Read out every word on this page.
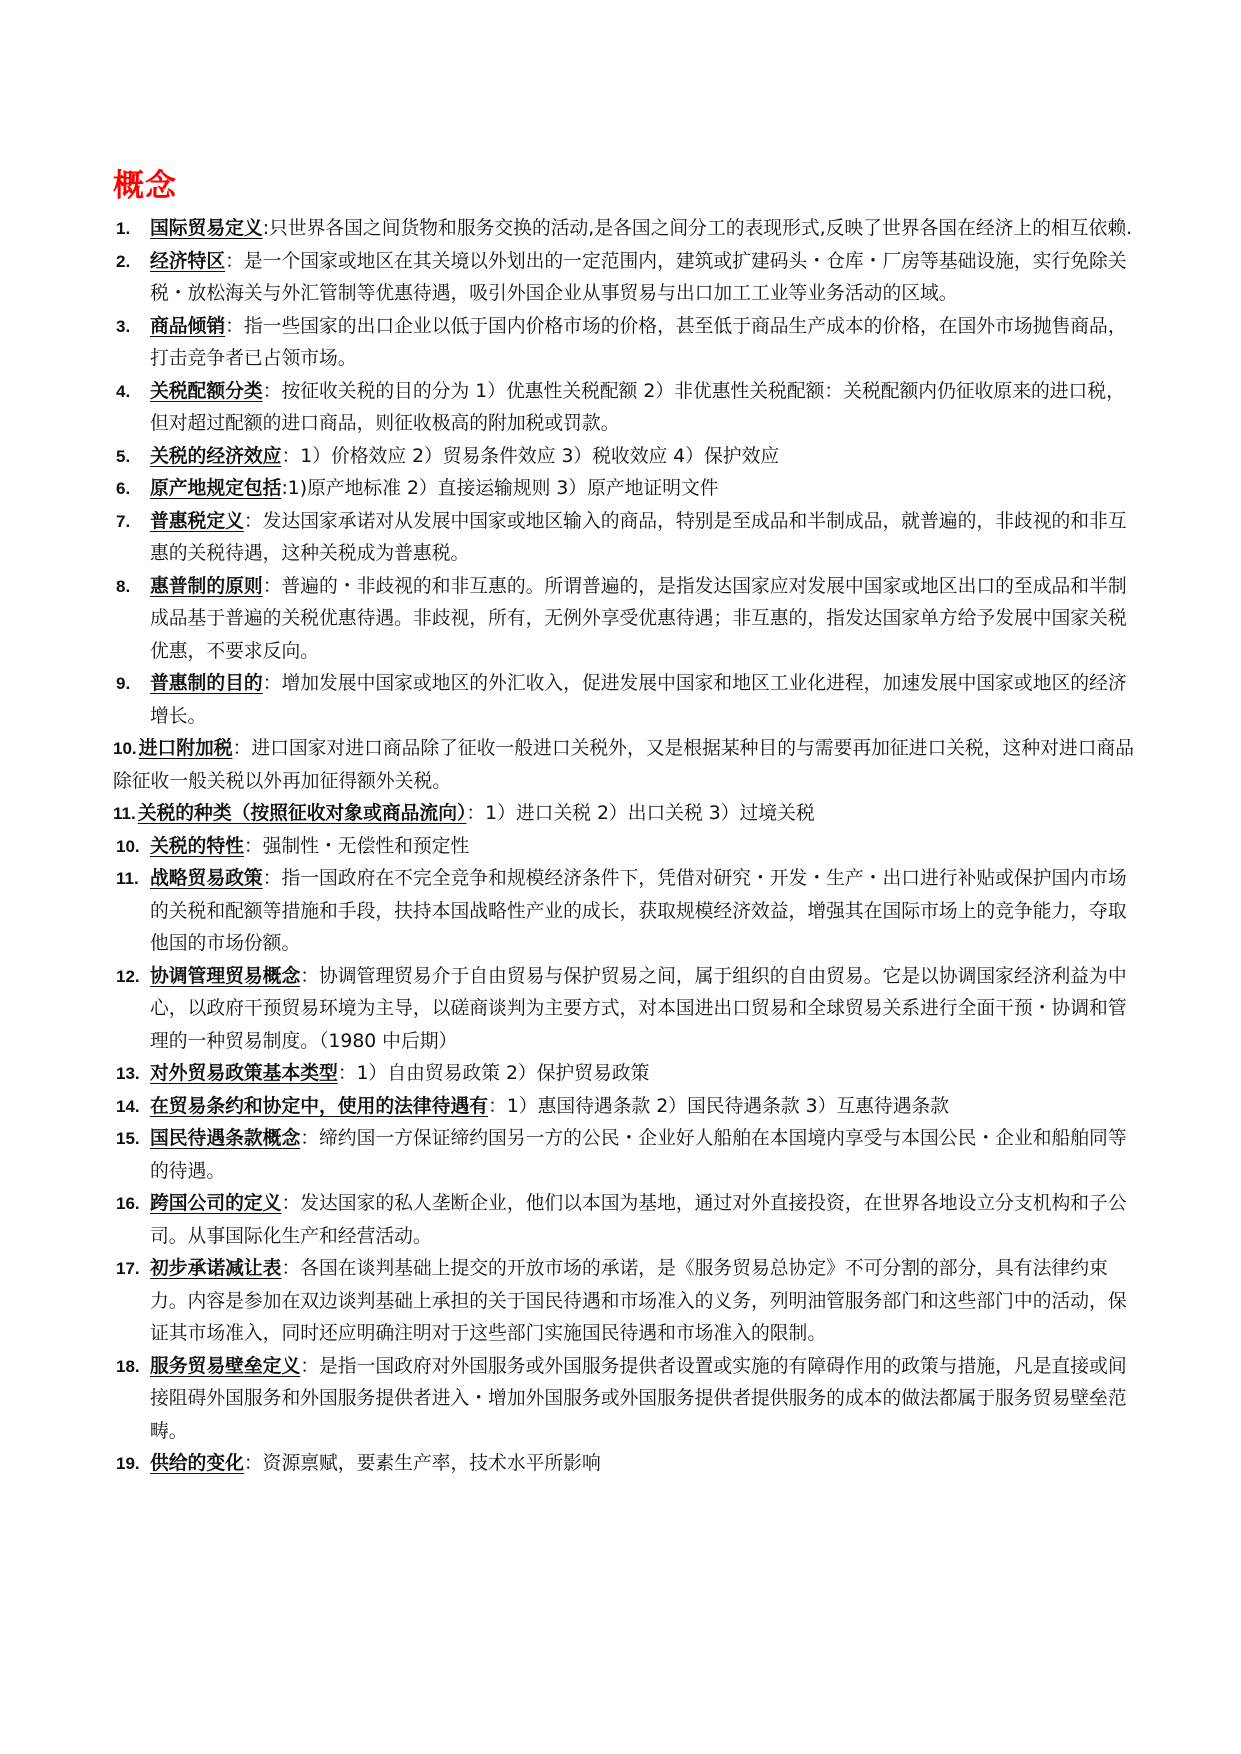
概念
1. 国际贸易定义:只世界各国之间货物和服务交换的活动,是各国之间分工的表现形式,反映了世界各国在经济上的相互依赖.
2. 经济特区：是一个国家或地区在其关境以外划出的一定范围内，建筑或扩建码头・仓库・厂房等基础设施，实行免除关税・放松海关与外汇管制等优惠待遇，吸引外国企业从事贸易与出口加工工业等业务活动的区域。
3. 商品倾销：指一些国家的出口企业以低于国内价格市场的价格，甚至低于商品生产成本的价格，在国外市场抛售商品，打击竞争者已占领市场。
4. 关税配额分类：按征收关税的目的分为 1）优惠性关税配额 2）非优惠性关税配额：关税配额内仍征收原来的进口税，但对超过配额的进口商品，则征收极高的附加税或罚款。
5. 关税的经济效应：1）价格效应 2）贸易条件效应 3）税收效应 4）保护效应
6. 原产地规定包括:1)原产地标准 2）直接运输规则 3）原产地证明文件
7. 普惠税定义：发达国家承诺对从发展中国家或地区输入的商品，特别是至成品和半制成品，就普遍的，非歧视的和非互惠的关税待遇，这种关税成为普惠税。
8. 惠普制的原则：普遍的・非歧视的和非互惠的。所谓普遍的，是指发达国家应对发展中国家或地区出口的至成品和半制成品基于普遍的关税优惠待遇。非歧视，所有，无例外享受优惠待遇；非互惠的，指发达国家单方给予发展中国家关税优惠，不要求反向。
9. 普惠制的目的：增加发展中国家或地区的外汇收入，促进发展中国家和地区工业化进程，加速发展中国家或地区的经济增长。
10. 进口附加税：进口国家对进口商品除了征收一般进口关税外，又是根据某种目的与需要再加征进口关税，这种对进口商品除征收一般关税以外再加征得额外关税。
11. 关税的种类（按照征收对象或商品流向）：1）进口关税 2）出口关税 3）过境关税
10. 关税的特性：强制性・无偿性和预定性
11. 战略贸易政策：指一国政府在不完全竞争和规模经济条件下，凭借对研究・开发・生产・出口进行补贴或保护国内市场的关税和配额等措施和手段，扶持本国战略性产业的成长，获取规模经济效益，增强其在国际市场上的竞争能力，夺取他国的市场份额。
12. 协调管理贸易概念：协调管理贸易介于自由贸易与保护贸易之间，属于组织的自由贸易。它是以协调国家经济利益为中心，以政府干预贸易环境为主导，以磋商谈判为主要方式，对本国进出口贸易和全球贸易关系进行全面干预・协调和管理的一种贸易制度。（1980 中后期）
13. 对外贸易政策基本类型：1）自由贸易政策 2）保护贸易政策
14. 在贸易条约和协定中，使用的法律待遇有：1）惠国待遇条款 2）国民待遇条款 3）互惠待遇条款
15. 国民待遇条款概念：缔约国一方保证缔约国另一方的公民・企业好人船舶在本国境内享受与本国公民・企业和船舶同等的待遇。
16. 跨国公司的定义：发达国家的私人垄断企业，他们以本国为基地，通过对外直接投资，在世界各地设立分支机构和子公司。从事国际化生产和经营活动。
17. 初步承诺减让表：各国在谈判基础上提交的开放市场的承诺，是《服务贸易总协定》不可分割的部分，具有法律约束力。内容是参加在双边谈判基础上承担的关于国民待遇和市场准入的义务，列明油管服务部门和这些部门中的活动，保证其市场准入，同时还应明确注明对于这些部门实施国民待遇和市场准入的限制。
18. 服务贸易壁垒定义：是指一国政府对外国服务或外国服务提供者设置或实施的有障碍作用的政策与措施，凡是直接或间接阻碍外国服务和外国服务提供者进入・增加外国服务或外国服务提供者提供服务的成本的做法都属于服务贸易壁垒范畴。
19. 供给的变化：资源禀赋，要素生产率，技术水平所影响
